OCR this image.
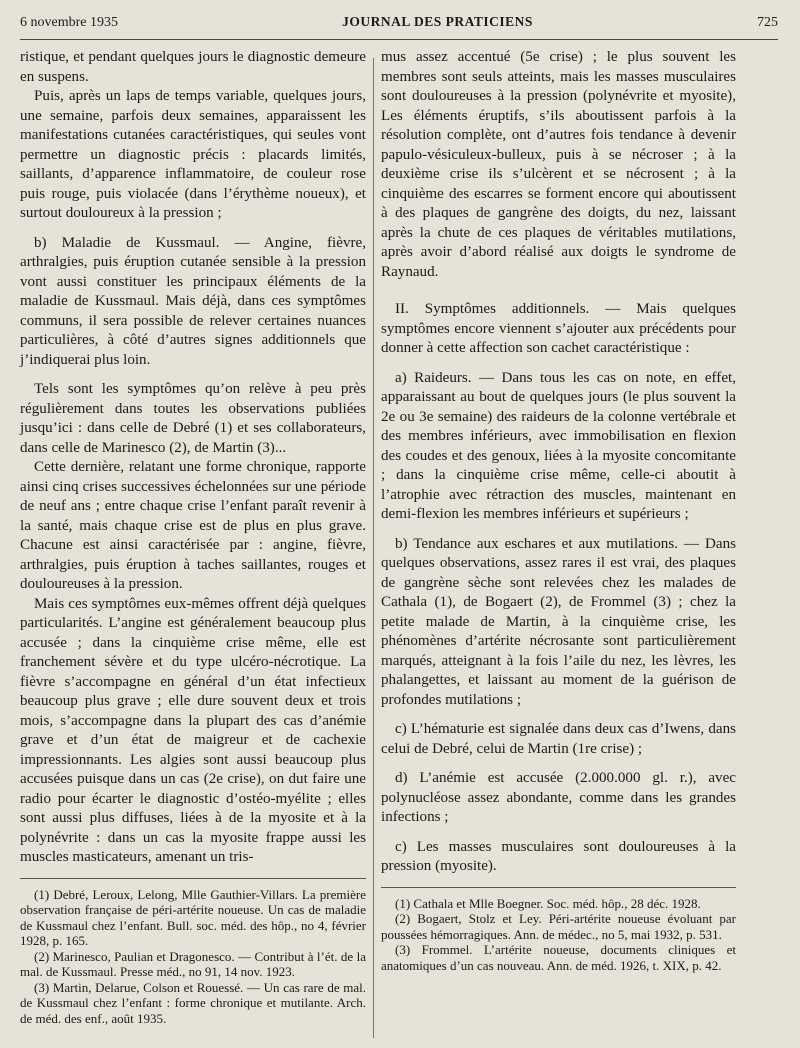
6 novembre 1935	JOURNAL DES PRATICIENS	725

ristique, et pendant quelques jours le diagnostic demeure en suspens.

Puis, après un laps de temps variable, quelques jours, une semaine, parfois deux semaines, apparaissent les manifestations cutanées caractéristiques, qui seules vont permettre un diagnostic précis : placards limités, saillants, d’apparence inflammatoire, de couleur rose puis rouge, puis violacée (dans l’érythème noueux), et surtout douloureux à la pression ;

b) Maladie de Kussmaul. — Angine, fièvre, arthralgies, puis éruption cutanée sensible à la pression vont aussi constituer les principaux éléments de la maladie de Kussmaul. Mais déjà, dans ces symptômes communs, il sera possible de relever certaines nuances particulières, à côté d’autres signes additionnels que j’indiquerai plus loin.

Tels sont les symptômes qu’on relève à peu près régulièrement dans toutes les observations publiées jusqu’ici : dans celle de Debré (1) et ses collaborateurs, dans celle de Marinesco (2), de Martin (3)...

Cette dernière, relatant une forme chronique, rapporte ainsi cinq crises successives échelonnées sur une période de neuf ans ; entre chaque crise l’enfant paraît revenir à la santé, mais chaque crise est de plus en plus grave. Chacune est ainsi caractérisée par : angine, fièvre, arthralgies, puis éruption à taches saillantes, rouges et douloureuses à la pression.

Mais ces symptômes eux-mêmes offrent déjà quelques particularités. L’angine est généralement beaucoup plus accusée ; dans la cinquième crise même, elle est franchement sévère et du type ulcéro-nécrotique. La fièvre s’accompagne en général d’un état infectieux beaucoup plus grave ; elle dure souvent deux et trois mois, s’accompagne dans la plupart des cas d’anémie grave et d’un état de maigreur et de cachexie impressionnants. Les algies sont aussi beaucoup plus accusées puisque dans un cas (2e crise), on dut faire une radio pour écarter le diagnostic d’ostéo-myélite ; elles sont aussi plus diffuses, liées à de la myosite et à la polynévrite : dans un cas la myosite frappe aussi les muscles masticateurs, amenant un tris-

(1) Debré, Leroux, Lelong, Mlle Gauthier-Villars. La première observation française de péri-artérite noueuse. Un cas de maladie de Kussmaul chez l’enfant. Bull. soc. méd. des hôp., no 4, février 1928, p. 165.

(2) Marinesco, Paulian et Dragonesco. — Contribut à l’ét. de la mal. de Kussmaul. Presse méd., no 91, 14 nov. 1923.

(3) Martin, Delarue, Colson et Rouessé. — Un cas rare de mal. de Kussmaul chez l’enfant : forme chronique et mutilante. Arch. de méd. des enf., août 1935.

mus assez accentué (5e crise) ; le plus souvent les membres sont seuls atteints, mais les masses musculaires sont douloureuses à la pression (polynévrite et myosite), Les éléments éruptifs, s’ils aboutissent parfois à la résolution complète, ont d’autres fois tendance à devenir papulo-vésiculeux-bulleux, puis à se nécroser ; à la deuxième crise ils s’ulcèrent et se nécrosent ; à la cinquième des escarres se forment encore qui aboutissent à des plaques de gangrène des doigts, du nez, laissant après la chute de ces plaques de véritables mutilations, après avoir d’abord réalisé aux doigts le syndrome de Raynaud.

II. Symptômes additionnels. — Mais quelques symptômes encore viennent s’ajouter aux précédents pour donner à cette affection son cachet caractéristique :

a) Raideurs. — Dans tous les cas on note, en effet, apparaissant au bout de quelques jours (le plus souvent la 2e ou 3e semaine) des raideurs de la colonne vertébrale et des membres inférieurs, avec immobilisation en flexion des coudes et des genoux, liées à la myosite concomitante ; dans la cinquième crise même, celle-ci aboutit à l’atrophie avec rétraction des muscles, maintenant en demi-flexion les membres inférieurs et supérieurs ;

b) Tendance aux eschares et aux mutilations. — Dans quelques observations, assez rares il est vrai, des plaques de gangrène sèche sont relevées chez les malades de Cathala (1), de Bogaert (2), de Frommel (3) ; chez la petite malade de Martin, à la cinquième crise, les phénomènes d’artérite nécrosante sont particulièrement marqués, atteignant à la fois l’aile du nez, les lèvres, les phalangettes, et laissant au moment de la guérison de profondes mutilations ;

c) L’hématurie est signalée dans deux cas d’Iwens, dans celui de Debré, celui de Martin (1re crise) ;

d) L’anémie est accusée (2.000.000 gl. r.), avec polynucléose assez abondante, comme dans les grandes infections ;

c) Les masses musculaires sont douloureuses à la pression (myosite).

(1) Cathala et Mlle Boegner. Soc. méd. hôp., 28 déc. 1928.

(2) Bogaert, Stolz et Ley. Péri-artérite noueuse évoluant par poussées hémorragiques. Ann. de médec., no 5, mai 1932, p. 531.

(3) Frommel. L’artérite noueuse, documents cliniques et anatomiques d’un cas nouveau. Ann. de méd. 1926, t. XIX, p. 42.
